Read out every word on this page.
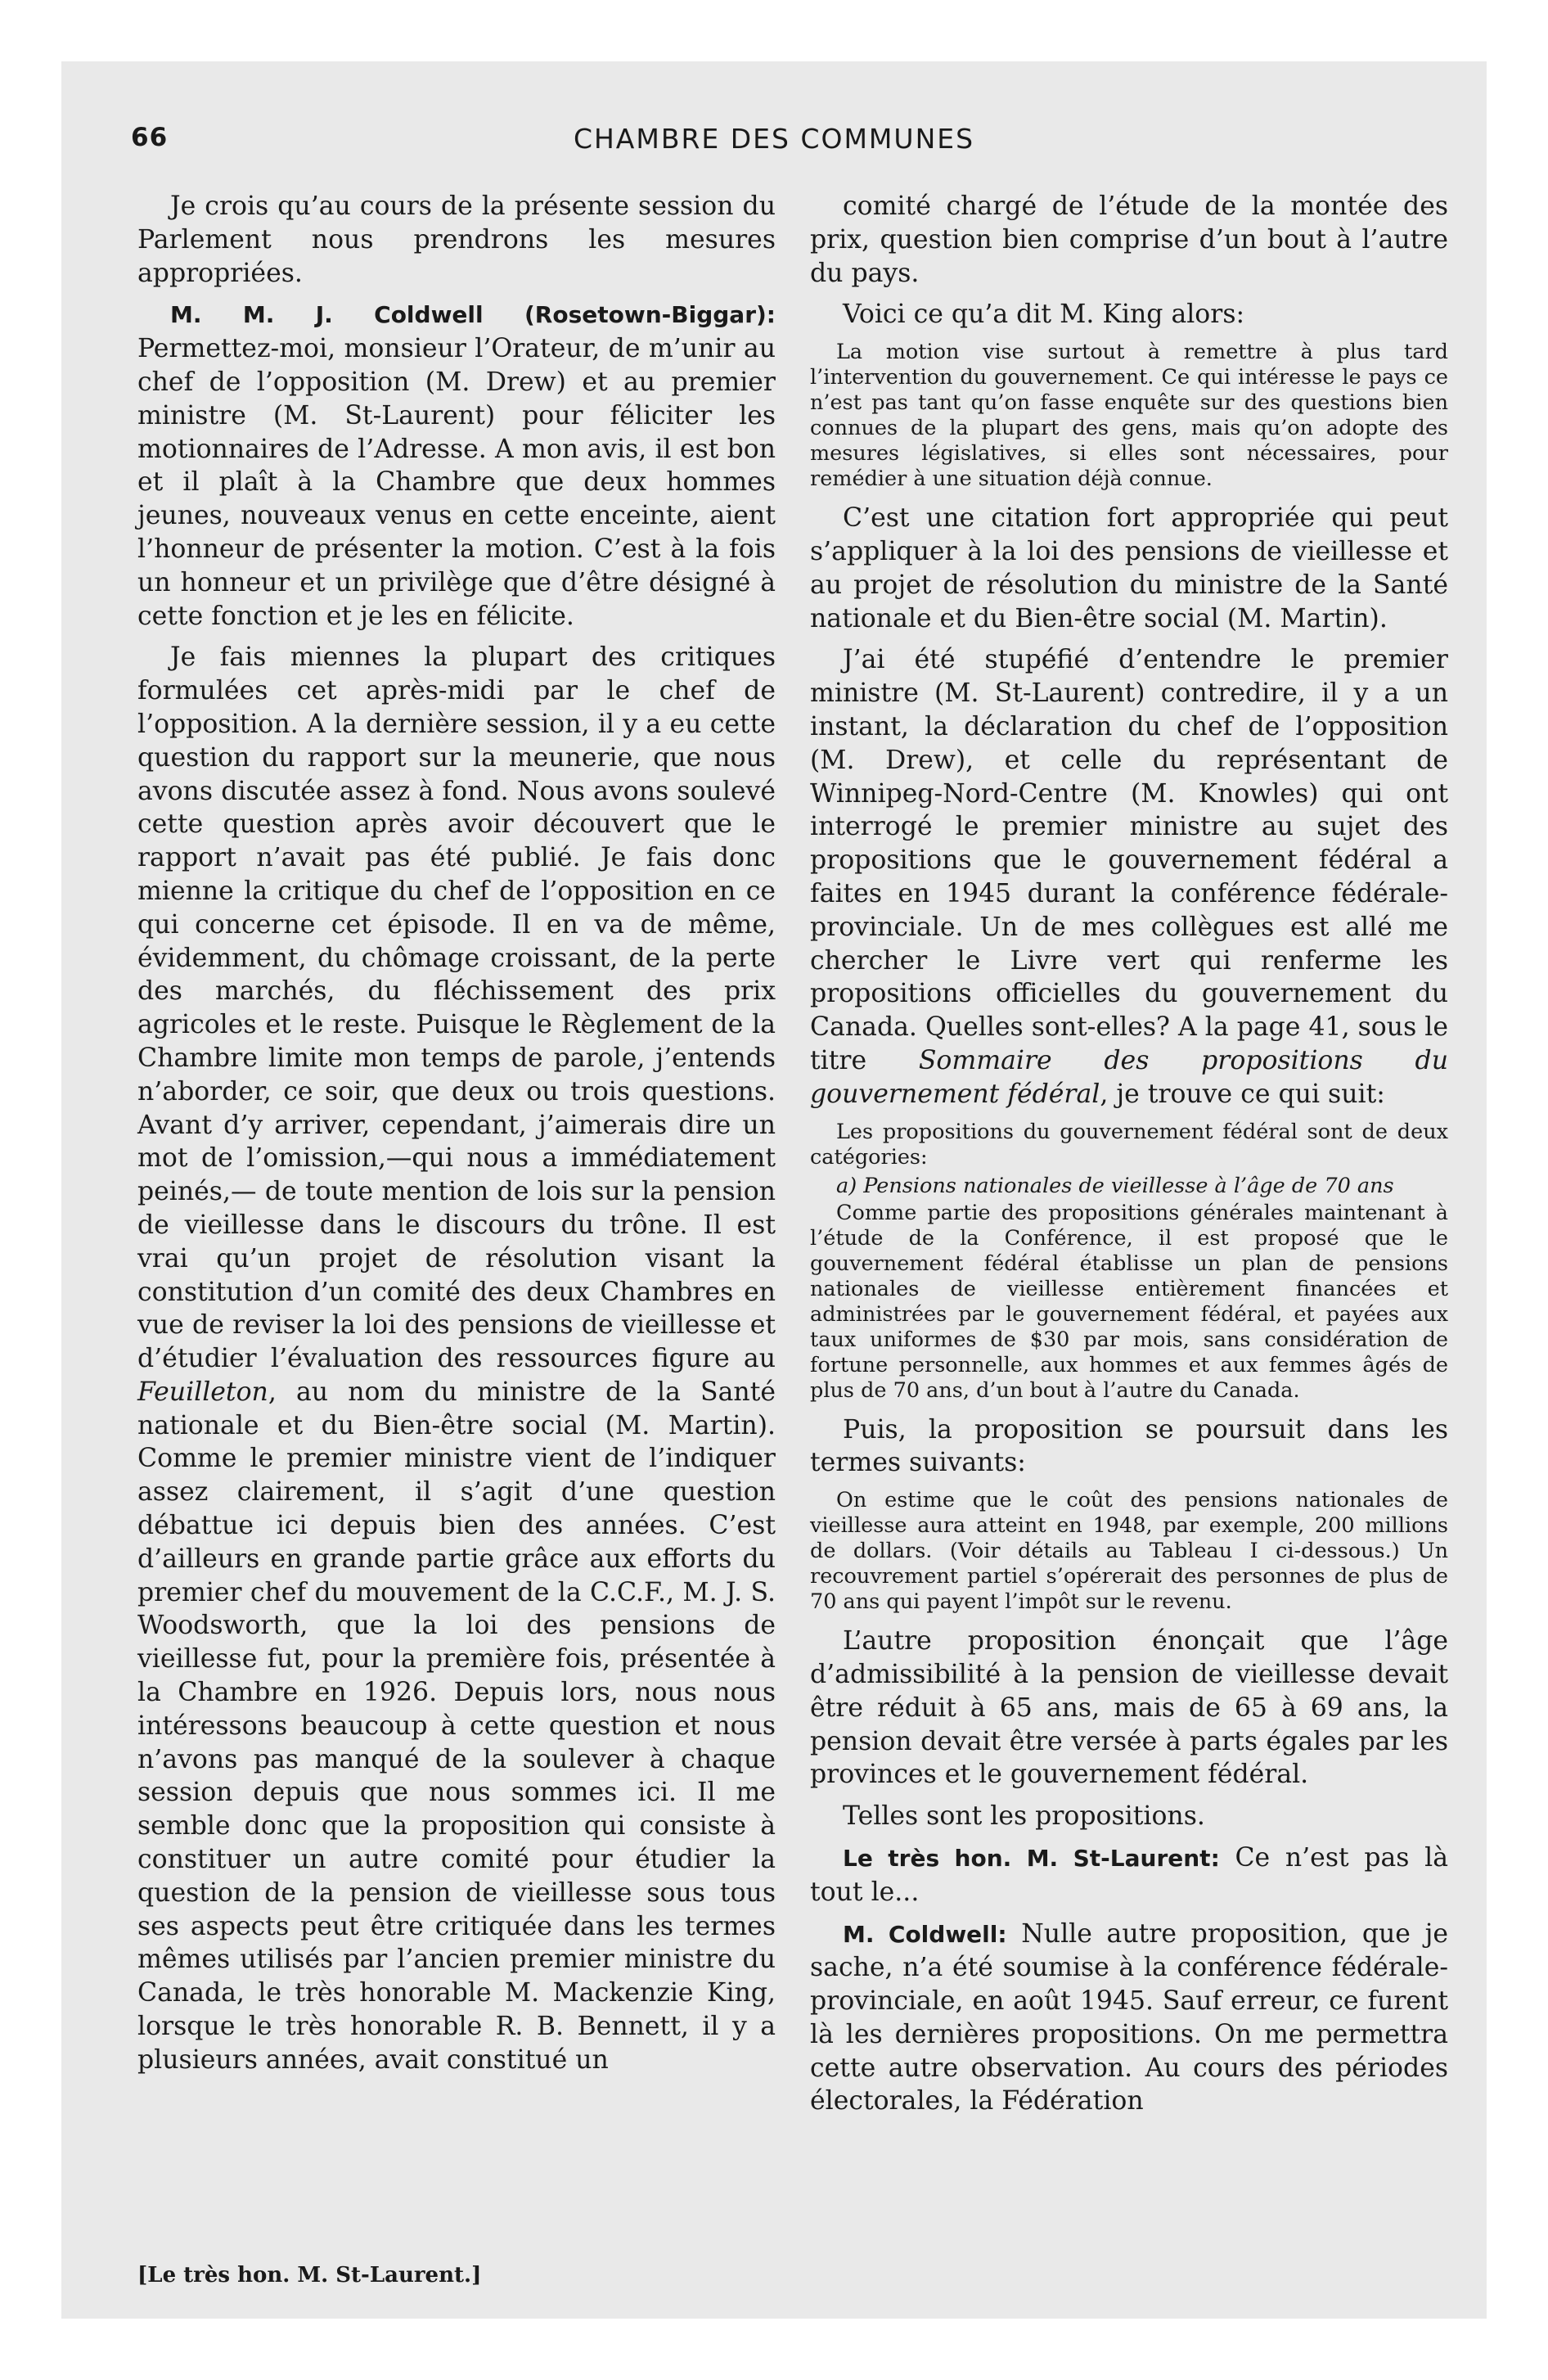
66	CHAMBRE DES COMMUNES

Je crois qu’au cours de la présente session du Parlement nous prendrons les mesures appropriées.

M. M. J. Coldwell (Rosetown-Biggar): Permettez-moi, monsieur l’Orateur, de m’unir au chef de l’opposition (M. Drew) et au premier ministre (M. St-Laurent) pour féliciter les motionnaires de l’Adresse. A mon avis, il est bon et il plaît à la Chambre que deux hommes jeunes, nouveaux venus en cette enceinte, aient l’honneur de présenter la motion. C’est à la fois un honneur et un privilège que d’être désigné à cette fonction et je les en félicite.

Je fais miennes la plupart des critiques formulées cet après-midi par le chef de l’opposition. A la dernière session, il y a eu cette question du rapport sur la meunerie, que nous avons discutée assez à fond. Nous avons soulevé cette question après avoir découvert que le rapport n’avait pas été publié. Je fais donc mienne la critique du chef de l’opposition en ce qui concerne cet épisode. Il en va de même, évidemment, du chômage croissant, de la perte des marchés, du fléchissement des prix agricoles et le reste. Puisque le Règlement de la Chambre limite mon temps de parole, j’entends n’aborder, ce soir, que deux ou trois questions. Avant d’y arriver, cependant, j’aimerais dire un mot de l’omission,—qui nous a immédiatement peinés,— de toute mention de lois sur la pension de vieillesse dans le discours du trône. Il est vrai qu’un projet de résolution visant la constitution d’un comité des deux Chambres en vue de reviser la loi des pensions de vieillesse et d’étudier l’évaluation des ressources figure au Feuilleton, au nom du ministre de la Santé nationale et du Bien-être social (M. Martin). Comme le premier ministre vient de l’indiquer assez clairement, il s’agit d’une question débattue ici depuis bien des années. C’est d’ailleurs en grande partie grâce aux efforts du premier chef du mouvement de la C.C.F., M. J. S. Woodsworth, que la loi des pensions de vieillesse fut, pour la première fois, présentée à la Chambre en 1926. Depuis lors, nous nous intéressons beaucoup à cette question et nous n’avons pas manqué de la soulever à chaque session depuis que nous sommes ici. Il me semble donc que la proposition qui consiste à constituer un autre comité pour étudier la question de la pension de vieillesse sous tous ses aspects peut être critiquée dans les termes mêmes utilisés par l’ancien premier ministre du Canada, le très honorable M. Mackenzie King, lorsque le très honorable R. B. Bennett, il y a plusieurs années, avait constitué un

comité chargé de l’étude de la montée des prix, question bien comprise d’un bout à l’autre du pays.

Voici ce qu’a dit M. King alors:

La motion vise surtout à remettre à plus tard l’intervention du gouvernement. Ce qui intéresse le pays ce n’est pas tant qu’on fasse enquête sur des questions bien connues de la plupart des gens, mais qu’on adopte des mesures législatives, si elles sont nécessaires, pour remédier à une situation déjà connue.

C’est une citation fort appropriée qui peut s’appliquer à la loi des pensions de vieillesse et au projet de résolution du ministre de la Santé nationale et du Bien-être social (M. Martin).

J’ai été stupéfié d’entendre le premier ministre (M. St-Laurent) contredire, il y a un instant, la déclaration du chef de l’opposition (M. Drew), et celle du représentant de Winnipeg-Nord-Centre (M. Knowles) qui ont interrogé le premier ministre au sujet des propositions que le gouvernement fédéral a faites en 1945 durant la conférence fédérale-provinciale. Un de mes collègues est allé me chercher le Livre vert qui renferme les propositions officielles du gouvernement du Canada. Quelles sont-elles? A la page 41, sous le titre Sommaire des propositions du gouvernement fédéral, je trouve ce qui suit:

Les propositions du gouvernement fédéral sont de deux catégories:

a) Pensions nationales de vieillesse à l’âge de 70 ans

Comme partie des propositions générales maintenant à l’étude de la Conférence, il est proposé que le gouvernement fédéral établisse un plan de pensions nationales de vieillesse entièrement financées et administrées par le gouvernement fédéral, et payées aux taux uniformes de $30 par mois, sans considération de fortune personnelle, aux hommes et aux femmes âgés de plus de 70 ans, d’un bout à l’autre du Canada.

Puis, la proposition se poursuit dans les termes suivants:

On estime que le coût des pensions nationales de vieillesse aura atteint en 1948, par exemple, 200 millions de dollars. (Voir détails au Tableau I ci-dessous.) Un recouvrement partiel s’opérerait des personnes de plus de 70 ans qui payent l’impôt sur le revenu.

L’autre proposition énonçait que l’âge d’admissibilité à la pension de vieillesse devait être réduit à 65 ans, mais de 65 à 69 ans, la pension devait être versée à parts égales par les provinces et le gouvernement fédéral.

Telles sont les propositions.

Le très hon. M. St-Laurent: Ce n’est pas là tout le...

M. Coldwell: Nulle autre proposition, que je sache, n’a été soumise à la conférence fédérale-provinciale, en août 1945. Sauf erreur, ce furent là les dernières propositions. On me permettra cette autre observation. Au cours des périodes électorales, la Fédération

[Le très hon. M. St-Laurent.]
